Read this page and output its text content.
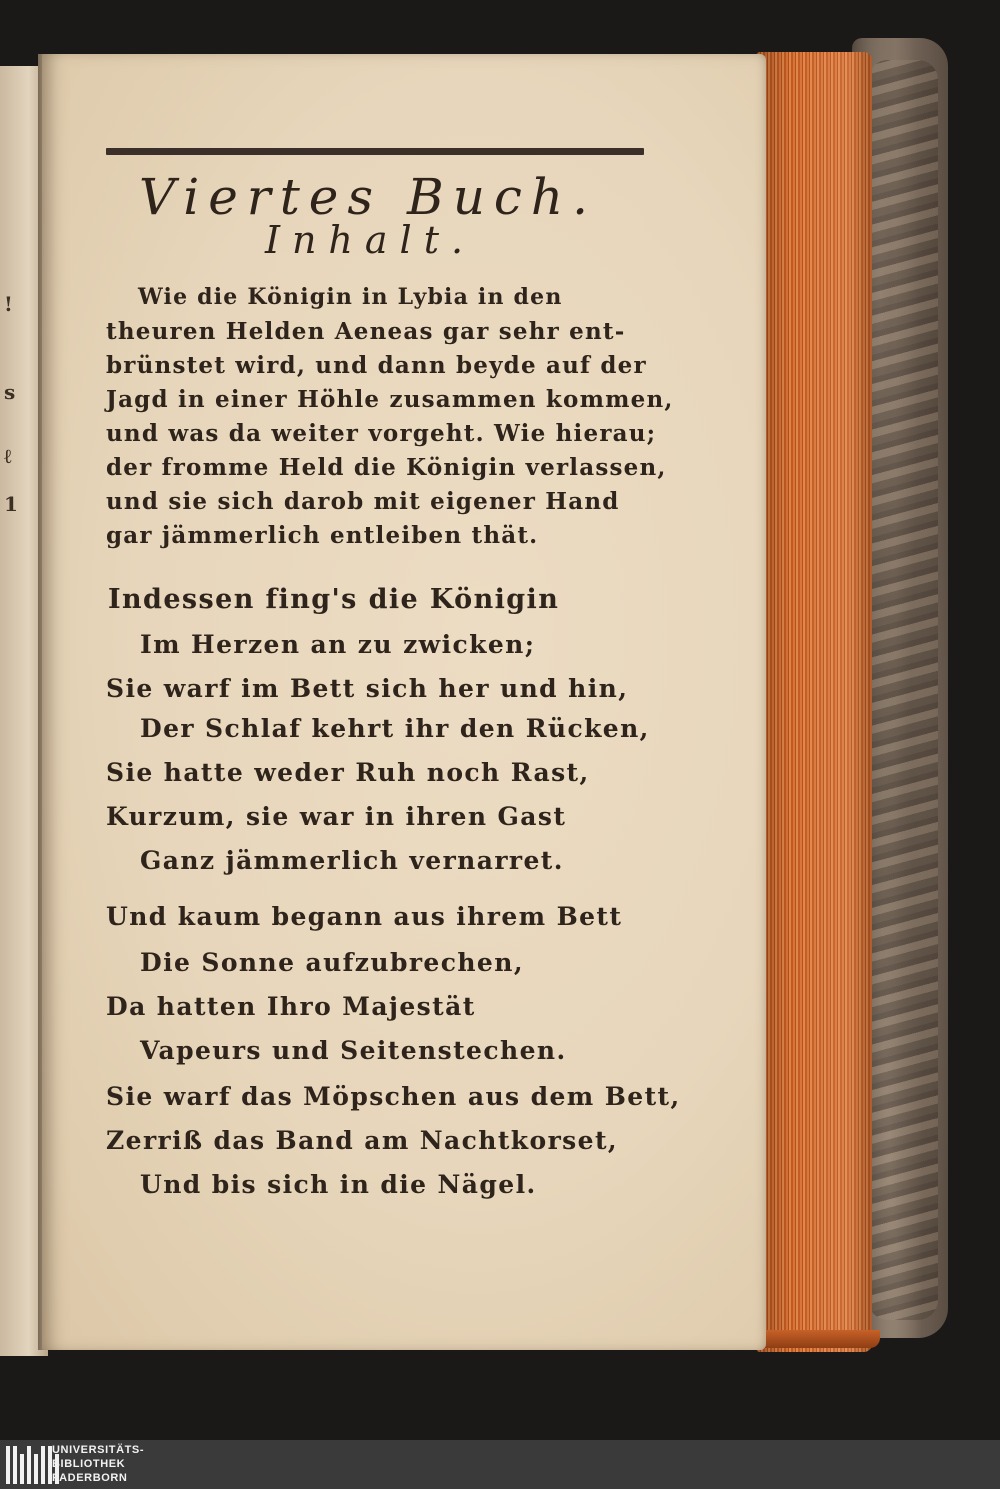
!
s
ℓ
1
Viertes Buch.
Inhalt.
Wie die Königin in Lybia in den
theuren Helden Aeneas gar sehr ent-
brünstet wird, und dann beyde auf der
Jagd in einer Höhle zusammen kommen,
und was da weiter vorgeht. Wie hierau;
der fromme Held die Königin verlassen,
und sie sich darob mit eigener Hand
gar jämmerlich entleiben thät.
Indessen fing's die Königin
Im Herzen an zu zwicken;
Sie warf im Bett sich her und hin,
Der Schlaf kehrt ihr den Rücken,
Sie hatte weder Ruh noch Rast,
Kurzum, sie war in ihren Gast
Ganz jämmerlich vernarret.
Und kaum begann aus ihrem Bett
Die Sonne aufzubrechen,
Da hatten Ihro Majestät
Vapeurs und Seitenstechen.
Sie warf das Möpschen aus dem Bett,
Zerriß das Band am Nachtkorset,
Und bis sich in die Nägel.
UNIVERSITÄTS-
BIBLIOTHEK
PADERBORN
